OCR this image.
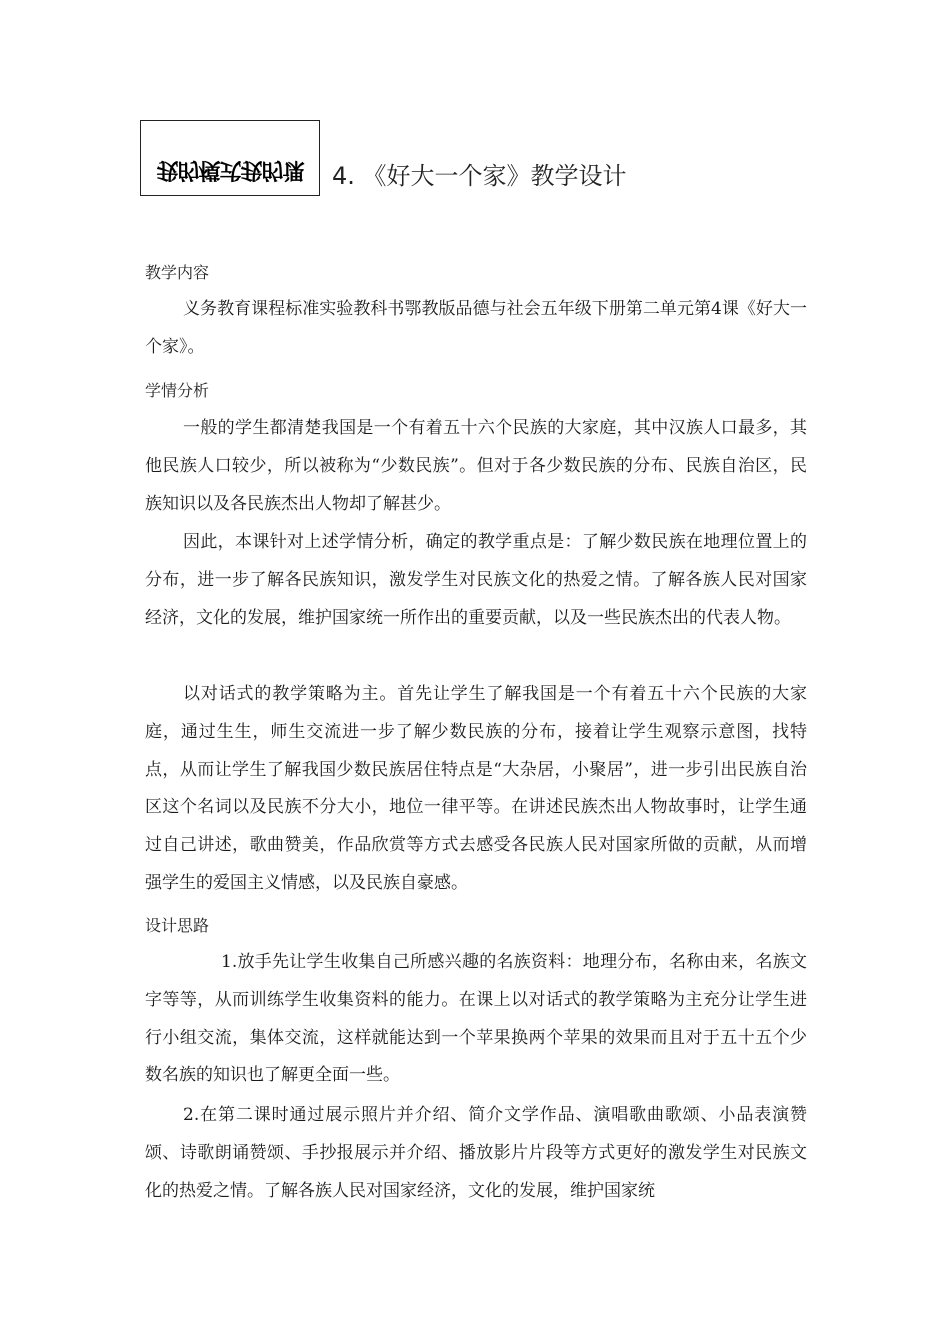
我的模式我的课	4. 《好大一个家》教学设计
教学内容

义务教育课程标准实验教科书鄂教版品德与社会五年级下册第二单元第4课《好大一个家》。

学情分析

一般的学生都清楚我国是一个有着五十六个民族的大家庭，其中汉族人口最多，其他民族人口较少，所以被称为“少数民族”。但对于各少数民族的分布、民族自治区，民族知识以及各民族杰出人物却了解甚少。

因此，本课针对上述学情分析，确定的教学重点是：了解少数民族在地理位置上的分布，进一步了解各民族知识，激发学生对民族文化的热爱之情。了解各族人民对国家经济，文化的发展，维护国家统一所作出的重要贡献，以及一些民族杰出的代表人物。

以对话式的教学策略为主。首先让学生了解我国是一个有着五十六个民族的大家庭，通过生生，师生交流进一步了解少数民族的分布，接着让学生观察示意图，找特点，从而让学生了解我国少数民族居住特点是“大杂居，小聚居”，进一步引出民族自治区这个名词以及民族不分大小，地位一律平等。在讲述民族杰出人物故事时，让学生通过自己讲述，歌曲赞美，作品欣赏等方式去感受各民族人民对国家所做的贡献，从而增强学生的爱国主义情感，以及民族自豪感。

设计思路

1.放手先让学生收集自己所感兴趣的名族资料：地理分布，名称由来，名族文字等等，从而训练学生收集资料的能力。在课上以对话式的教学策略为主充分让学生进行小组交流，集体交流，这样就能达到一个苹果换两个苹果的效果而且对于五十五个少数名族的知识也了解更全面一些。

2.在第二课时通过展示照片并介绍、简介文学作品、演唱歌曲歌颂、小品表演赞颂、诗歌朗诵赞颂、手抄报展示并介绍、播放影片片段等方式更好的激发学生对民族文化的热爱之情。了解各族人民对国家经济，文化的发展，维护国家统
